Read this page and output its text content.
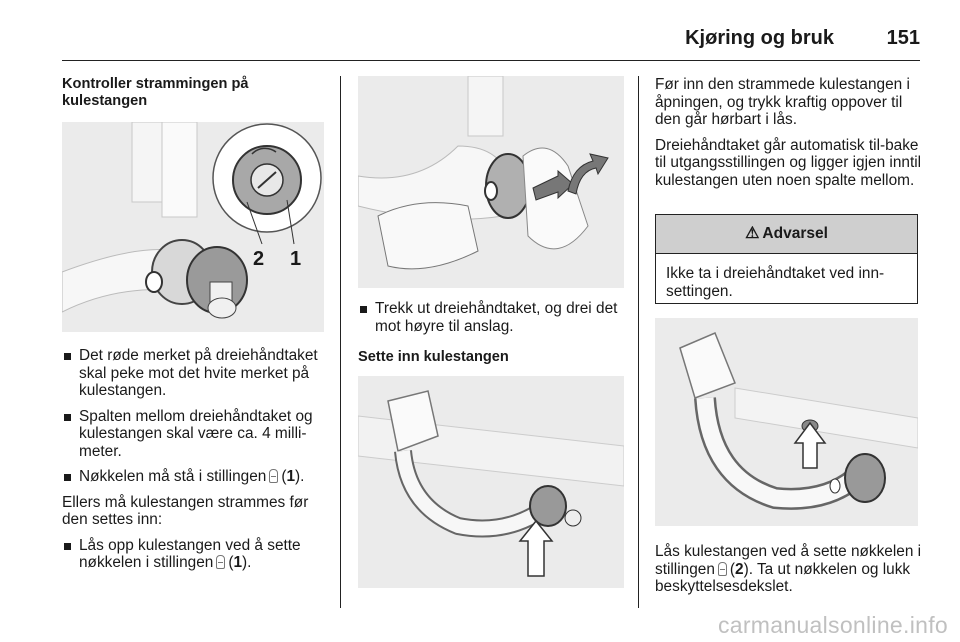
Kjøring og bruk	151
Kontroller strammingen på kulestangen
2 1
Det røde merket på dreiehåndtaket skal peke mot det hvite merket på kulestangen.
Spalten mellom dreiehåndtaket og kulestangen skal være ca. 4 milli-meter.
Nøkkelen må stå i stillingen (1).

Ellers må kulestangen strammes før den settes inn:

Lås opp kulestangen ved å sette nøkkelen i stillingen (1).
Trekk ut dreiehåndtaket, og drei det mot høyre til anslag.
Sette inn kulestangen

Før inn den strammede kulestangen i åpningen, og trykk kraftig oppover til den går hørbart i lås.

Dreiehåndtaket går automatisk til-bake til utgangsstillingen og ligger igjen inntil kulestangen uten noen spalte mellom.

⚠ Advarsel
Ikke ta i dreiehåndtaket ved inn-settingen.

Lås kulestangen ved å sette nøkkelen i stillingen (2). Ta ut nøkkelen og lukk beskyttelsesdekslet.

carmanualsonline.info
